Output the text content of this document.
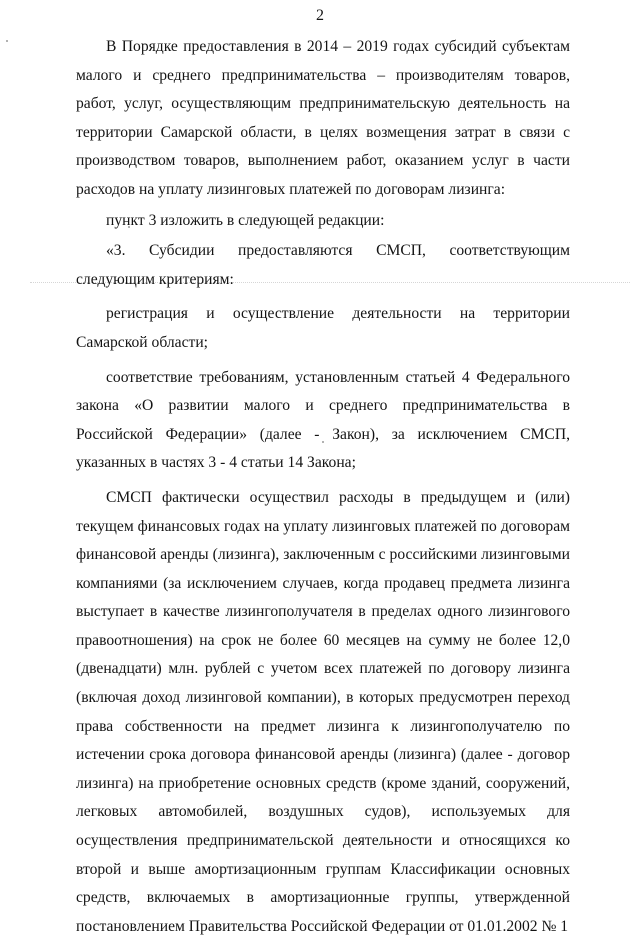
2

В Порядке предоставления в 2014 – 2019 годах субсидий субъектам малого и среднего предпринимательства – производителям товаров, работ, услуг, осуществляющим предпринимательскую деятельность на территории Самарской области, в целях возмещения затрат в связи с производством товаров, выполнением работ, оказанием услуг в части расходов на уплату лизинговых платежей по договорам лизинга:

пункт 3 изложить в следующей редакции:

«3. Субсидии предоставляются СМСП, соответствующим следующим критериям:

регистрация и осуществление деятельности на территории Самарской области;

соответствие требованиям, установленным статьей 4 Федерального закона «О развитии малого и среднего предпринимательства в Российской Федерации» (далее - Закон), за исключением СМСП, указанных в частях 3 - 4 статьи 14 Закона;

СМСП фактически осуществил расходы в предыдущем и (или) текущем финансовых годах на уплату лизинговых платежей по договорам финансовой аренды (лизинга), заключенным с российскими лизинговыми компаниями (за исключением случаев, когда продавец предмета лизинга выступает в качестве лизингополучателя в пределах одного лизингового правоотношения) на срок не более 60 месяцев на сумму не более 12,0 (двенадцати) млн. рублей с учетом всех платежей по договору лизинга (включая доход лизинговой компании), в которых предусмотрен переход права собственности на предмет лизинга к лизингополучателю по истечении срока договора финансовой аренды (лизинга) (далее - договор лизинга) на приобретение основных средств (кроме зданий, сооружений, легковых автомобилей, воздушных судов), используемых для осуществления предпринимательской деятельности и относящихся ко второй и выше амортизационным группам Классификации основных средств, включаемых в амортизационные группы, утвержденной постановлением Правительства Российской Федерации от 01.01.2002 № 1
